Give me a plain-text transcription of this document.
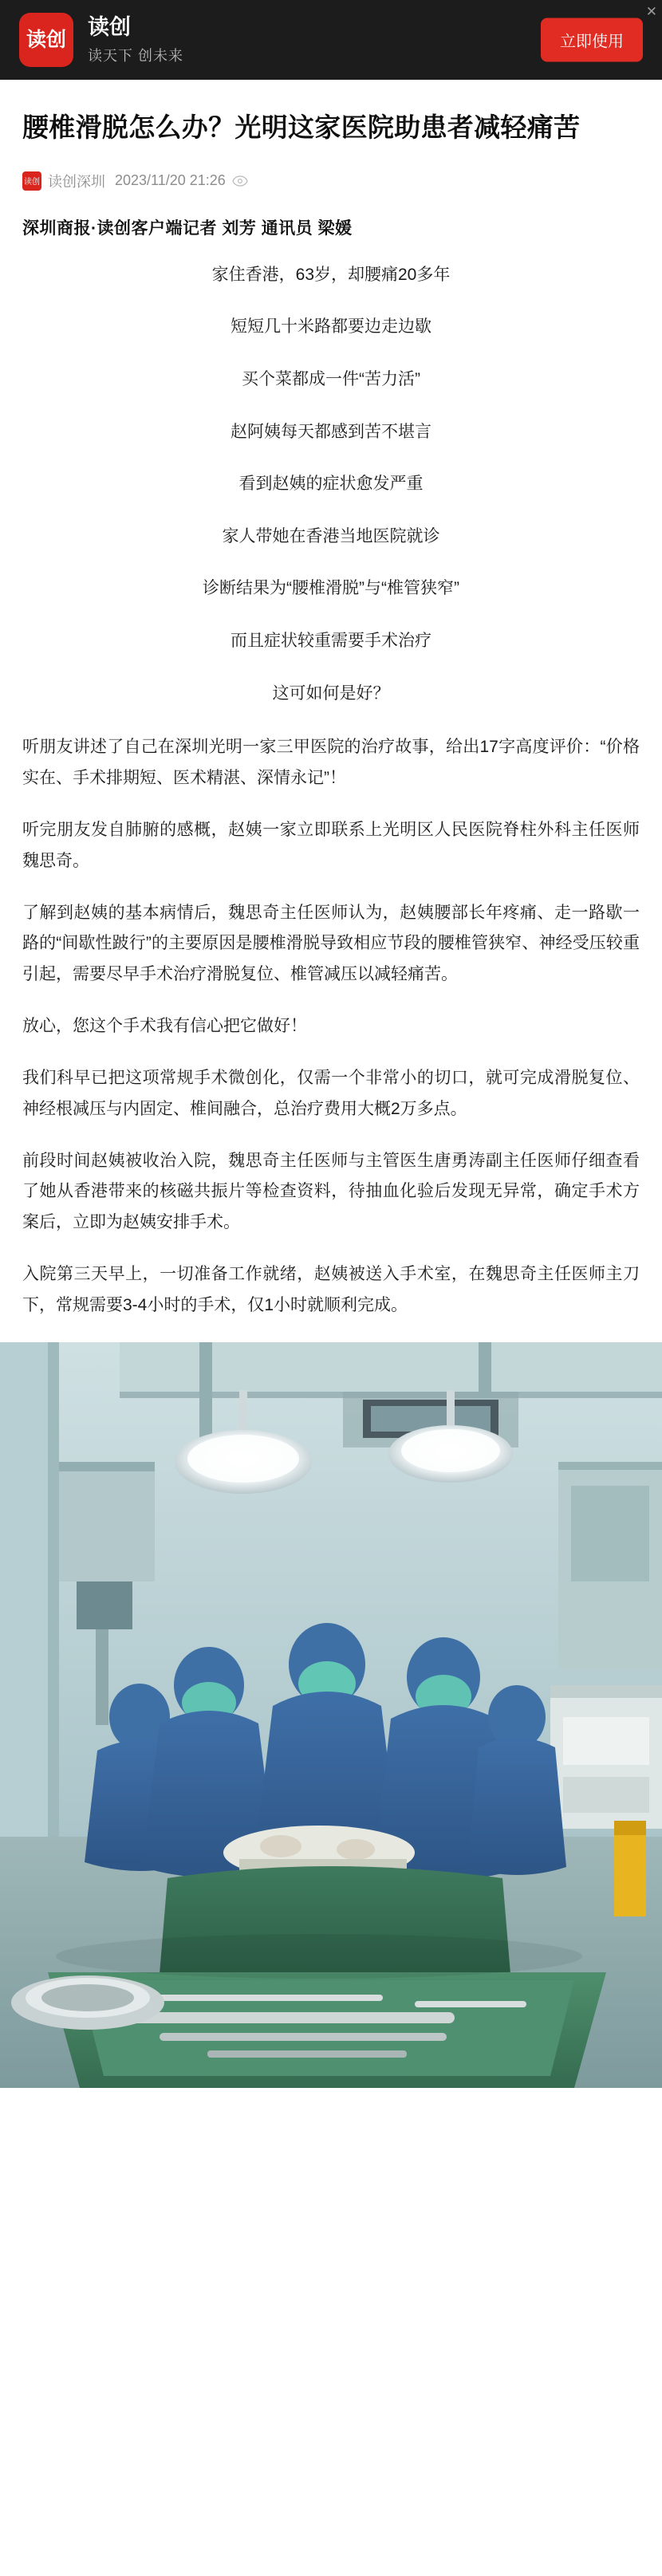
读创
读创
读天下 创未来
立即使用
✕
腰椎滑脱怎么办？光明这家医院助患者减轻痛苦
读创 读创深圳 2023/11/20 21:26
深圳商报·读创客户端记者 刘芳 通讯员 梁媛

家住香港，63岁，却腰痛20多年

短短几十米路都要边走边歇

买个菜都成一件“苦力活”

赵阿姨每天都感到苦不堪言

看到赵姨的症状愈发严重

家人带她在香港当地医院就诊

诊断结果为“腰椎滑脱”与“椎管狭窄”

而且症状较重需要手术治疗

这可如何是好？

听朋友讲述了自己在深圳光明一家三甲医院的治疗故事，给出17字高度评价：“价格实在、手术排期短、医术精湛、深情永记”！

听完朋友发自肺腑的感概，赵姨一家立即联系上光明区人民医院脊柱外科主任医师魏思奇。

了解到赵姨的基本病情后，魏思奇主任医师认为，赵姨腰部长年疼痛、走一路歇一路的“间歇性跛行”的主要原因是腰椎滑脱导致相应节段的腰椎管狭窄、神经受压较重引起，需要尽早手术治疗滑脱复位、椎管减压以减轻痛苦。

放心，您这个手术我有信心把它做好！

我们科早已把这项常规手术微创化，仅需一个非常小的切口，就可完成滑脱复位、神经根减压与内固定、椎间融合，总治疗费用大概2万多点。

前段时间赵姨被收治入院，魏思奇主任医师与主管医生唐勇涛副主任医师仔细查看了她从香港带来的核磁共振片等检查资料，待抽血化验后发现无异常，确定手术方案后，立即为赵姨安排手术。

入院第三天早上，一切准备工作就绪，赵姨被送入手术室，在魏思奇主任医师主刀下，常规需要3-4小时的手术，仅1小时就顺利完成。
